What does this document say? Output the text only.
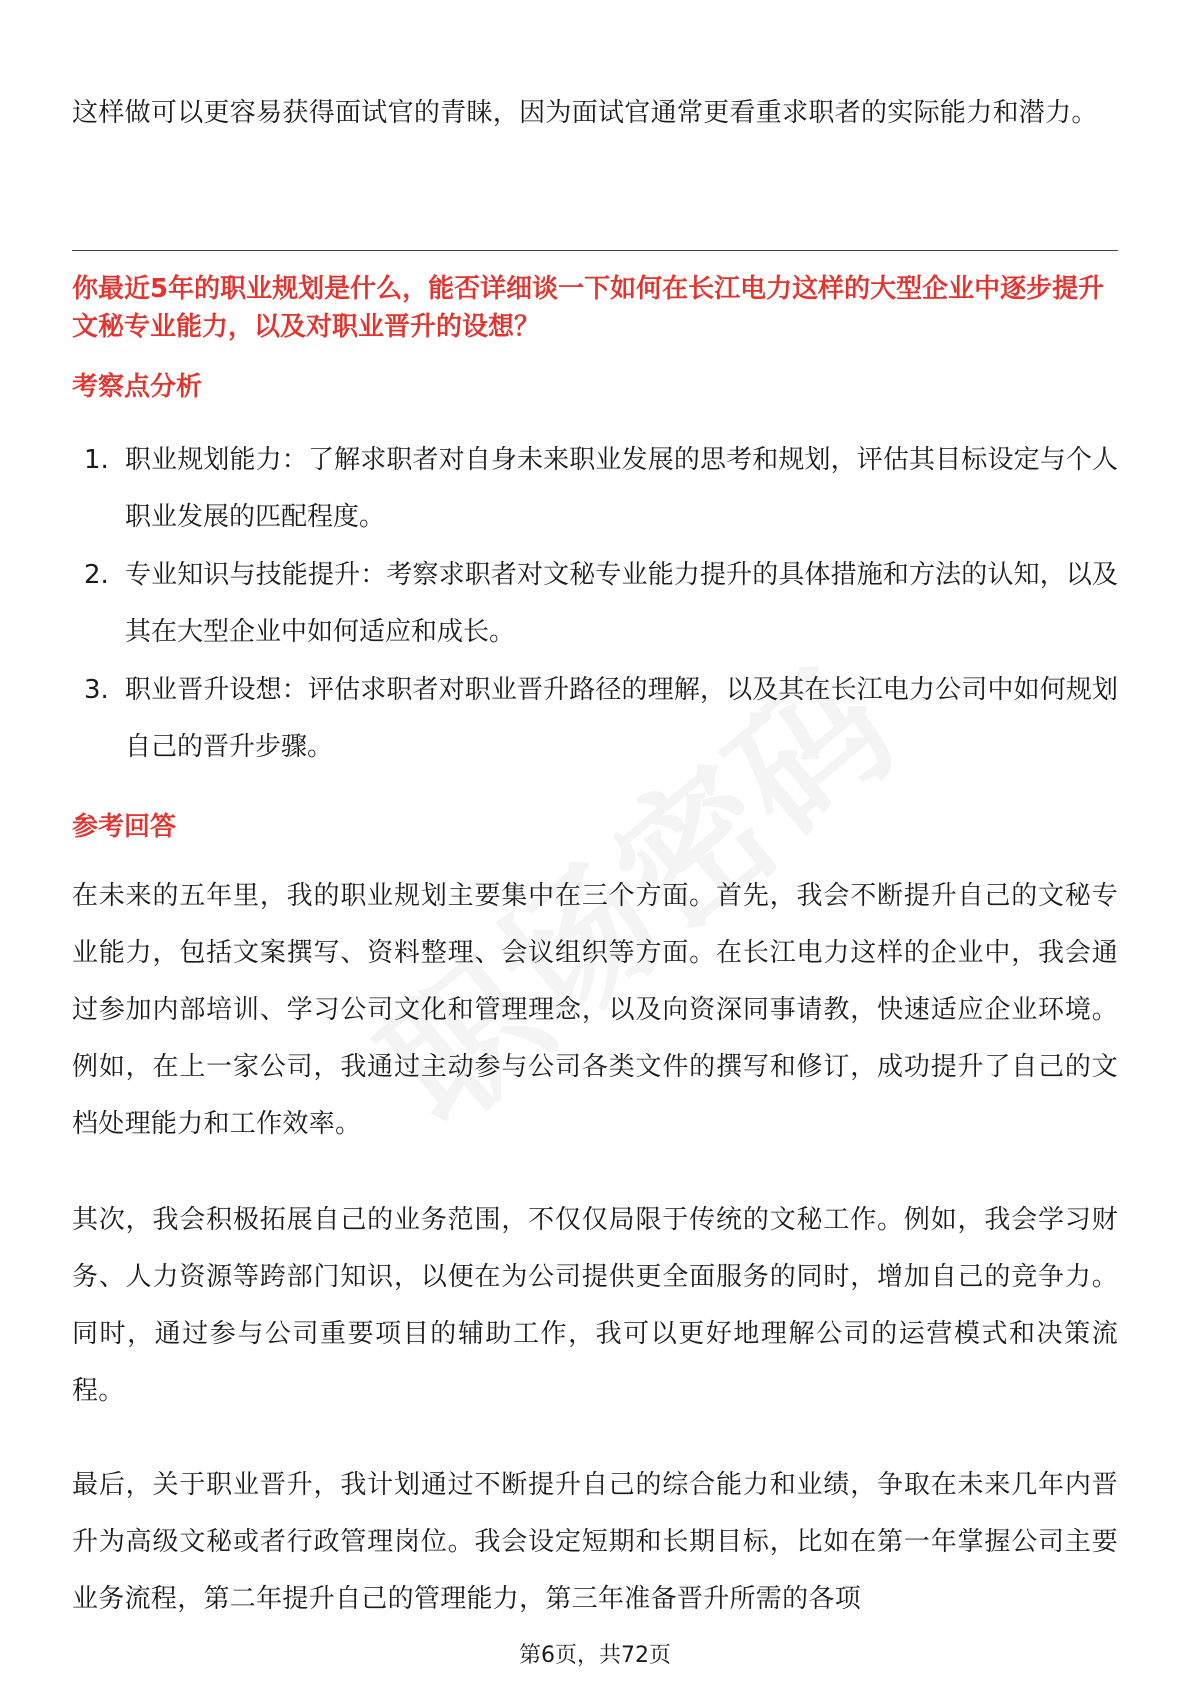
这样做可以更容易获得面试官的青睐，因为面试官通常更看重求职者的实际能力和潜力。

你最近5年的职业规划是什么，能否详细谈一下如何在长江电力这样的大型企业中逐步提升文秘专业能力，以及对职业晋升的设想？

考察点分析

1. 职业规划能力：了解求职者对自身未来职业发展的思考和规划，评估其目标设定与个人职业发展的匹配程度。
2. 专业知识与技能提升：考察求职者对文秘专业能力提升的具体措施和方法的认知，以及其在大型企业中如何适应和成长。
3. 职业晋升设想：评估求职者对职业晋升路径的理解，以及其在长江电力公司中如何规划自己的晋升步骤。

参考回答

在未来的五年里，我的职业规划主要集中在三个方面。首先，我会不断提升自己的文秘专业能力，包括文案撰写、资料整理、会议组织等方面。在长江电力这样的企业中，我会通过参加内部培训、学习公司文化和管理理念，以及向资深同事请教，快速适应企业环境。例如，在上一家公司，我通过主动参与公司各类文件的撰写和修订，成功提升了自己的文档处理能力和工作效率。

其次，我会积极拓展自己的业务范围，不仅仅局限于传统的文秘工作。例如，我会学习财务、人力资源等跨部门知识，以便在为公司提供更全面服务的同时，增加自己的竞争力。同时，通过参与公司重要项目的辅助工作，我可以更好地理解公司的运营模式和决策流程。

最后，关于职业晋升，我计划通过不断提升自己的综合能力和业绩，争取在未来几年内晋升为高级文秘或者行政管理岗位。我会设定短期和长期目标，比如在第一年掌握公司主要业务流程，第二年提升自己的管理能力，第三年准备晋升所需的各项

第6页，共72页
